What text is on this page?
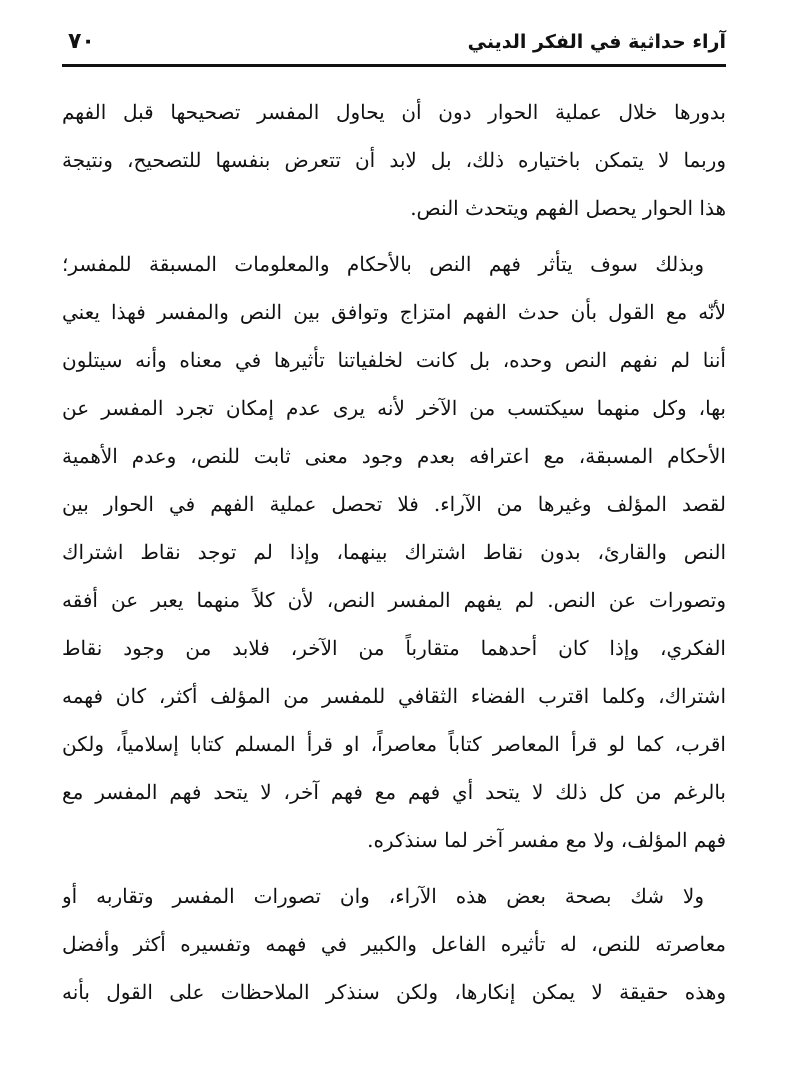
آراء حداثية في الفكر الديني
٧٠
بدورها خلال عملية الحوار دون أن يحاول المفسر تصحيحها قبل الفهم
وربما لا يتمكن باختياره ذلك، بل لابد أن تتعرض بنفسها للتصحيح، ونتيجة
هذا الحوار يحصل الفهم ويتحدث النص.
وبذلك سوف يتأثر فهم النص بالأحكام والمعلومات المسبقة للمفسر؛
لأنّه مع القول بأن حدث الفهم امتزاج وتوافق بين النص والمفسر فهذا يعني
أننا لم نفهم النص وحده، بل كانت لخلفياتنا تأثيرها في معناه وأنه سيتلون
بها، وكل منهما سيكتسب من الآخر لأنه يرى عدم إمكان تجرد المفسر عن
الأحكام المسبقة، مع اعترافه بعدم وجود معنى ثابت للنص، وعدم الأهمية
لقصد المؤلف وغيرها من الآراء. فلا تحصل عملية الفهم في الحوار بين
النص والقارئ، بدون نقاط اشتراك بينهما، وإذا لم توجد نقاط اشتراك
وتصورات عن النص. لم يفهم المفسر النص، لأن كلاً منهما يعبر عن أفقه
الفكري، وإذا كان أحدهما متقارباً من الآخر، فلابد من وجود نقاط
اشتراك، وكلما اقترب الفضاء الثقافي للمفسر من المؤلف أكثر، كان فهمه
اقرب، كما لو قرأ المعاصر كتاباً معاصراً، او قرأ المسلم كتابا إسلامياً، ولكن
بالرغم من كل ذلك لا يتحد أي فهم مع فهم آخر، لا يتحد فهم المفسر مع
فهم المؤلف، ولا مع مفسر آخر لما سنذكره.
ولا شك بصحة بعض هذه الآراء، وان تصورات المفسر وتقاربه أو
معاصرته للنص، له تأثيره الفاعل والكبير في فهمه وتفسيره أكثر وأفضل
وهذه حقيقة لا يمكن إنكارها، ولكن سنذكر الملاحظات على القول بأنه
